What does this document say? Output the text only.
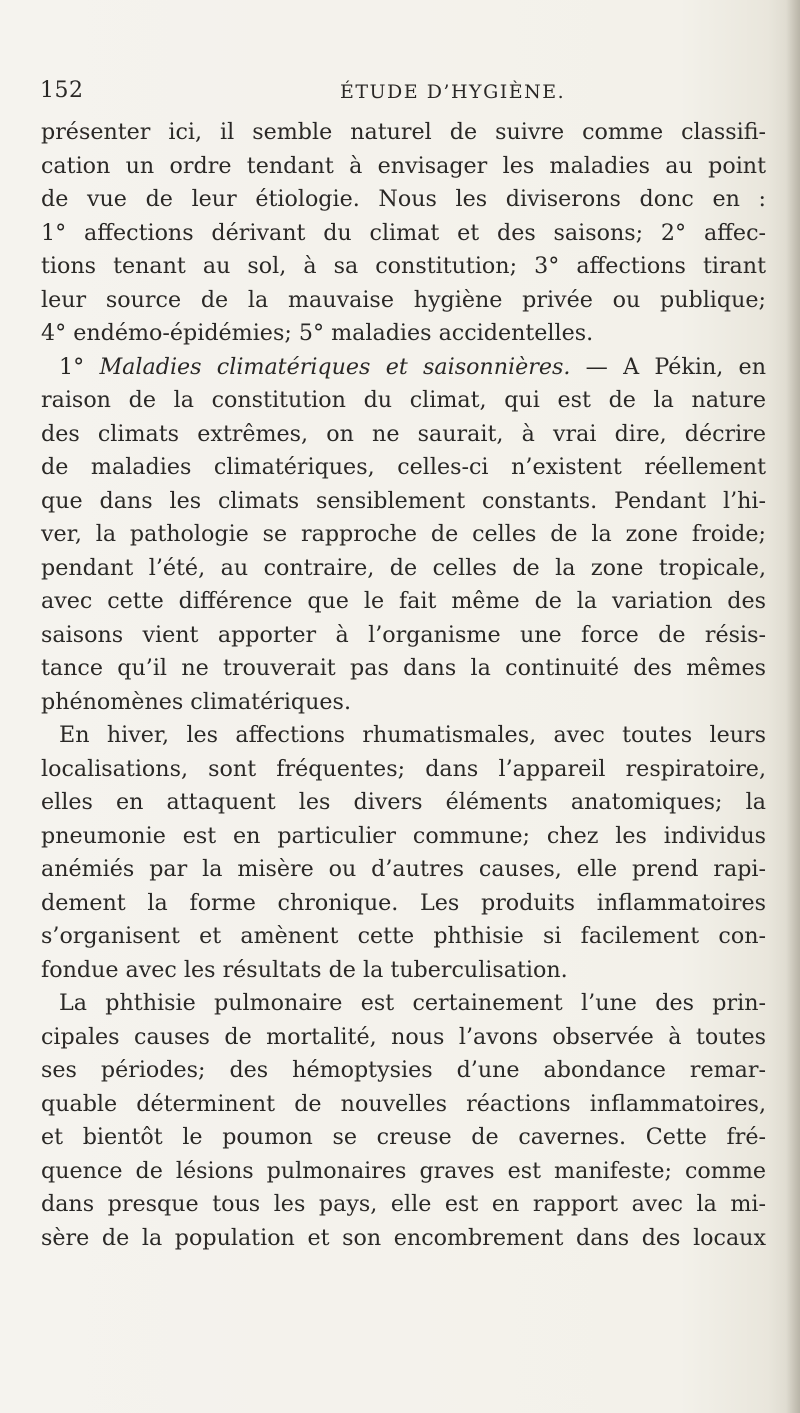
152	ÉTUDE D’HYGIÈNE.
présenter ici, il semble naturel de suivre comme classifi-
cation un ordre tendant à envisager les maladies au point
de vue de leur étiologie. Nous les diviserons donc en :
1° affections dérivant du climat et des saisons; 2° affec-
tions tenant au sol, à sa constitution; 3° affections tirant
leur source de la mauvaise hygiène privée ou publique;
4° endémo-épidémies; 5° maladies accidentelles.
1° Maladies climatériques et saisonnières. — A Pékin, en
raison de la constitution du climat, qui est de la nature
des climats extrêmes, on ne saurait, à vrai dire, décrire
de maladies climatériques, celles-ci n’existent réellement
que dans les climats sensiblement constants. Pendant l’hi-
ver, la pathologie se rapproche de celles de la zone froide;
pendant l’été, au contraire, de celles de la zone tropicale,
avec cette différence que le fait même de la variation des
saisons vient apporter à l’organisme une force de résis-
tance qu’il ne trouverait pas dans la continuité des mêmes
phénomènes climatériques.
En hiver, les affections rhumatismales, avec toutes leurs
localisations, sont fréquentes; dans l’appareil respiratoire,
elles en attaquent les divers éléments anatomiques; la
pneumonie est en particulier commune; chez les individus
anémiés par la misère ou d’autres causes, elle prend rapi-
dement la forme chronique. Les produits inflammatoires
s’organisent et amènent cette phthisie si facilement con-
fondue avec les résultats de la tuberculisation.
La phthisie pulmonaire est certainement l’une des prin-
cipales causes de mortalité, nous l’avons observée à toutes
ses périodes; des hémoptysies d’une abondance remar-
quable déterminent de nouvelles réactions inflammatoires,
et bientôt le poumon se creuse de cavernes. Cette fré-
quence de lésions pulmonaires graves est manifeste; comme
dans presque tous les pays, elle est en rapport avec la mi-
sère de la population et son encombrement dans des locaux
